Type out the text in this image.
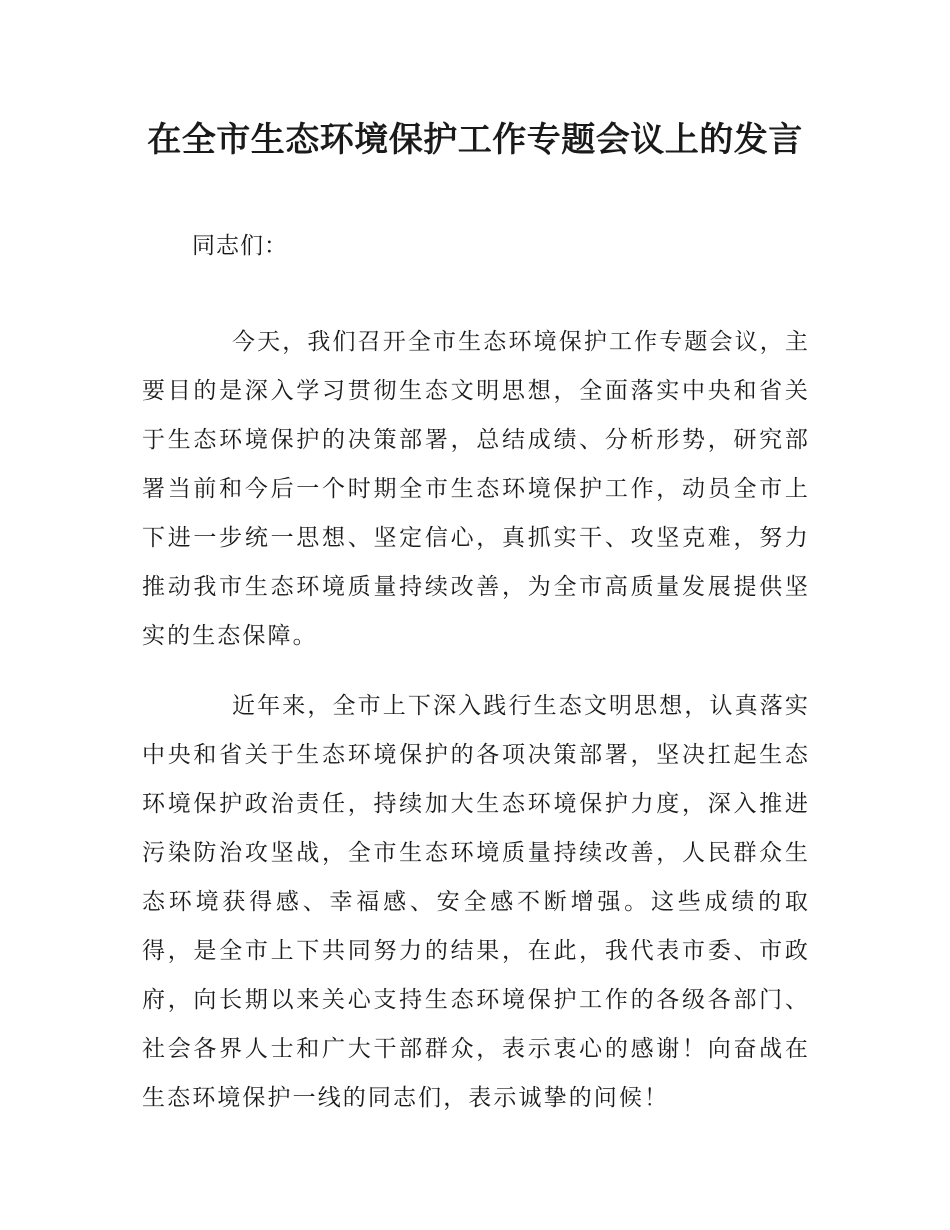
在全市生态环境保护工作专题会议上的发言

同志们：

今天，我们召开全市生态环境保护工作专题会议，主要目的是深入学习贯彻生态文明思想，全面落实中央和省关于生态环境保护的决策部署，总结成绩、分析形势，研究部署当前和今后一个时期全市生态环境保护工作，动员全市上下进一步统一思想、坚定信心，真抓实干、攻坚克难，努力推动我市生态环境质量持续改善，为全市高质量发展提供坚实的生态保障。

近年来，全市上下深入践行生态文明思想，认真落实中央和省关于生态环境保护的各项决策部署，坚决扛起生态环境保护政治责任，持续加大生态环境保护力度，深入推进污染防治攻坚战，全市生态环境质量持续改善，人民群众生态环境获得感、幸福感、安全感不断增强。这些成绩的取得，是全市上下共同努力的结果，在此，我代表市委、市政府，向长期以来关心支持生态环境保护工作的各级各部门、社会各界人士和广大干部群众，表示衷心的感谢！向奋战在生态环境保护一线的同志们，表示诚挚的问候！
